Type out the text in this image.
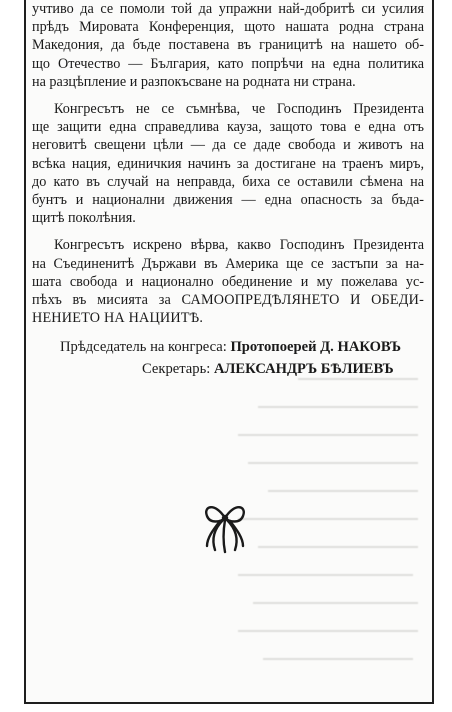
учтиво да се помоли той да упражни най-добритѣ си усилия
прѣдъ Мировата Конференция, щото нашата родна страна
Македония, да бъде поставена въ границитѣ на нашето об-
що Отечество — България, като попрѣчи на една политика
на разцѣпление и разпокъсване на родната ни страна.
Конгресътъ не се съмнѣва, че Господинъ Президента
ще защити една справедлива кауза, защото това е една отъ
неговитѣ свещени цѣли — да се даде свобода и животъ на
всѣка нация, единичкия начинъ за достигане на траенъ миръ,
до като въ случай на неправда, биха се оставили сѣмена на
бунтъ и национални движения — една опасность за бъда-
щитѣ поколѣния.
Конгресътъ искрено вѣрва, каквo Господинъ Президента
на Съединенитѣ Държави въ Америка ще се застъпи за на-
шата свобода и национално обединение и му пожелава ус-
пѣхъ въ мисията за САМООПРЕДѢЛЯНЕТО И ОБЕДИ-
НЕНИЕТО НА НАЦИИТѢ.
Прѣдседатель на конгреса: Протопоерей Д. НАКОВЪ
Секретарь: АЛЕКСАНДРЪ БѢЛИЕВЪ
